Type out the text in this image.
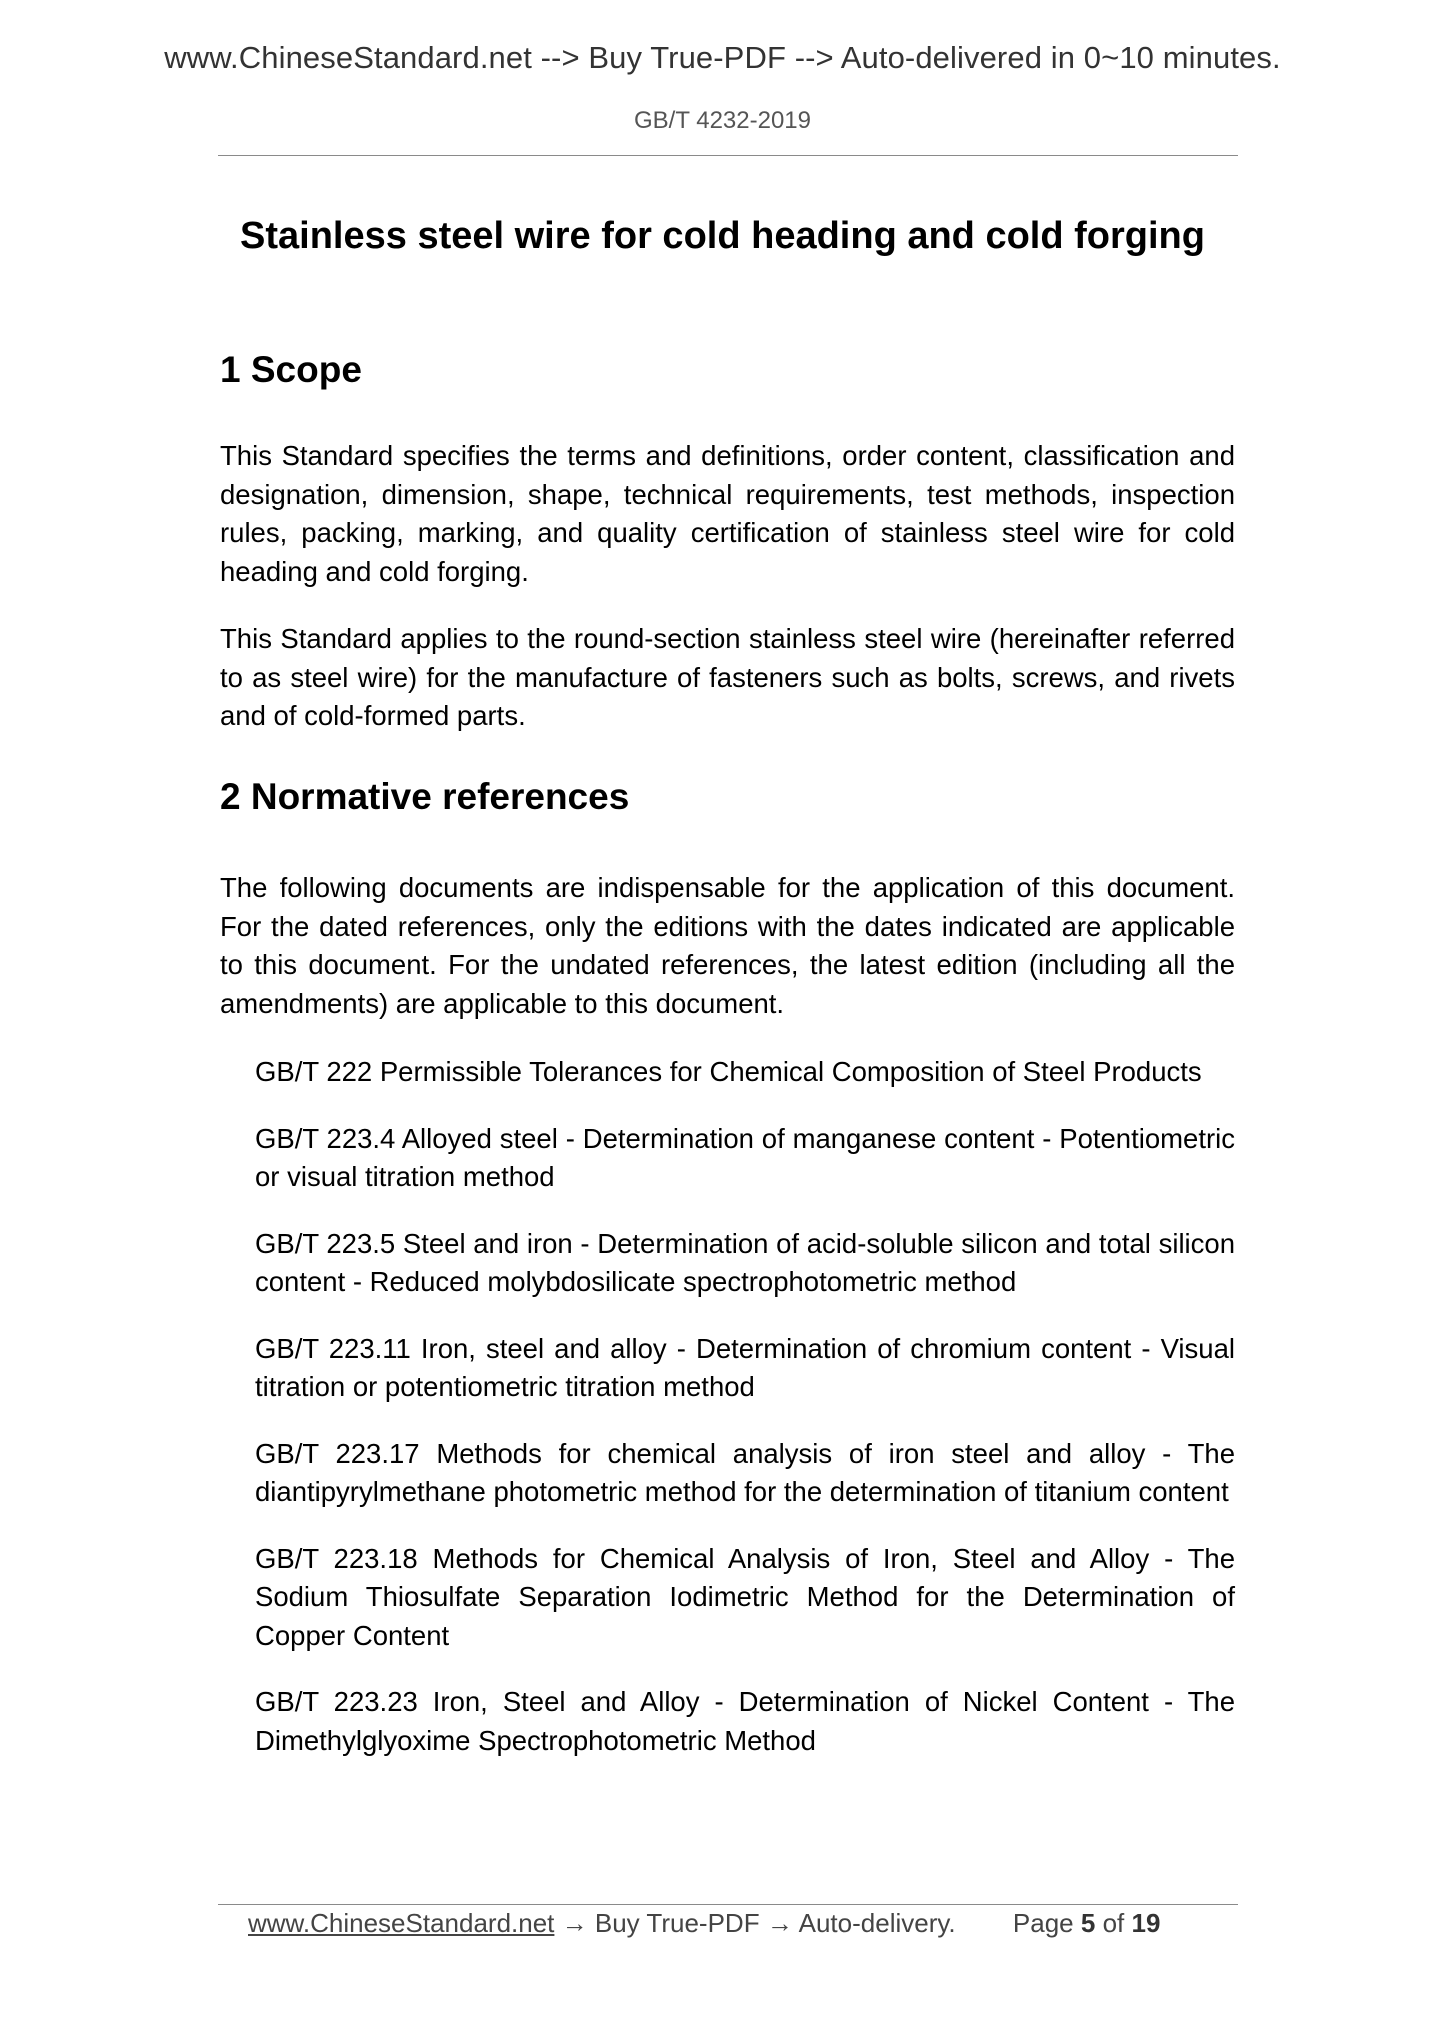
www.ChineseStandard.net --> Buy True-PDF --> Auto-delivered in 0~10 minutes.
GB/T 4232-2019
Stainless steel wire for cold heading and cold forging
1 Scope

This Standard specifies the terms and definitions, order content, classification and designation, dimension, shape, technical requirements, test methods, inspection rules, packing, marking, and quality certification of stainless steel wire for cold heading and cold forging.

This Standard applies to the round-section stainless steel wire (hereinafter referred to as steel wire) for the manufacture of fasteners such as bolts, screws, and rivets and of cold-formed parts.

2 Normative references

The following documents are indispensable for the application of this document. For the dated references, only the editions with the dates indicated are applicable to this document. For the undated references, the latest edition (including all the amendments) are applicable to this document.

GB/T 222 Permissible Tolerances for Chemical Composition of Steel Products
GB/T 223.4 Alloyed steel - Determination of manganese content - Potentiometric or visual titration method
GB/T 223.5 Steel and iron - Determination of acid-soluble silicon and total silicon content - Reduced molybdosilicate spectrophotometric method
GB/T 223.11 Iron, steel and alloy - Determination of chromium content - Visual titration or potentiometric titration method
GB/T 223.17 Methods for chemical analysis of iron steel and alloy - The diantipyrylmethane photometric method for the determination of titanium content
GB/T 223.18 Methods for Chemical Analysis of Iron, Steel and Alloy - The Sodium Thiosulfate Separation Iodimetric Method for the Determination of Copper Content
GB/T 223.23 Iron, Steel and Alloy - Determination of Nickel Content - The Dimethylglyoxime Spectrophotometric Method
www.ChineseStandard.net → Buy True-PDF → Auto-delivery. Page 5 of 19
